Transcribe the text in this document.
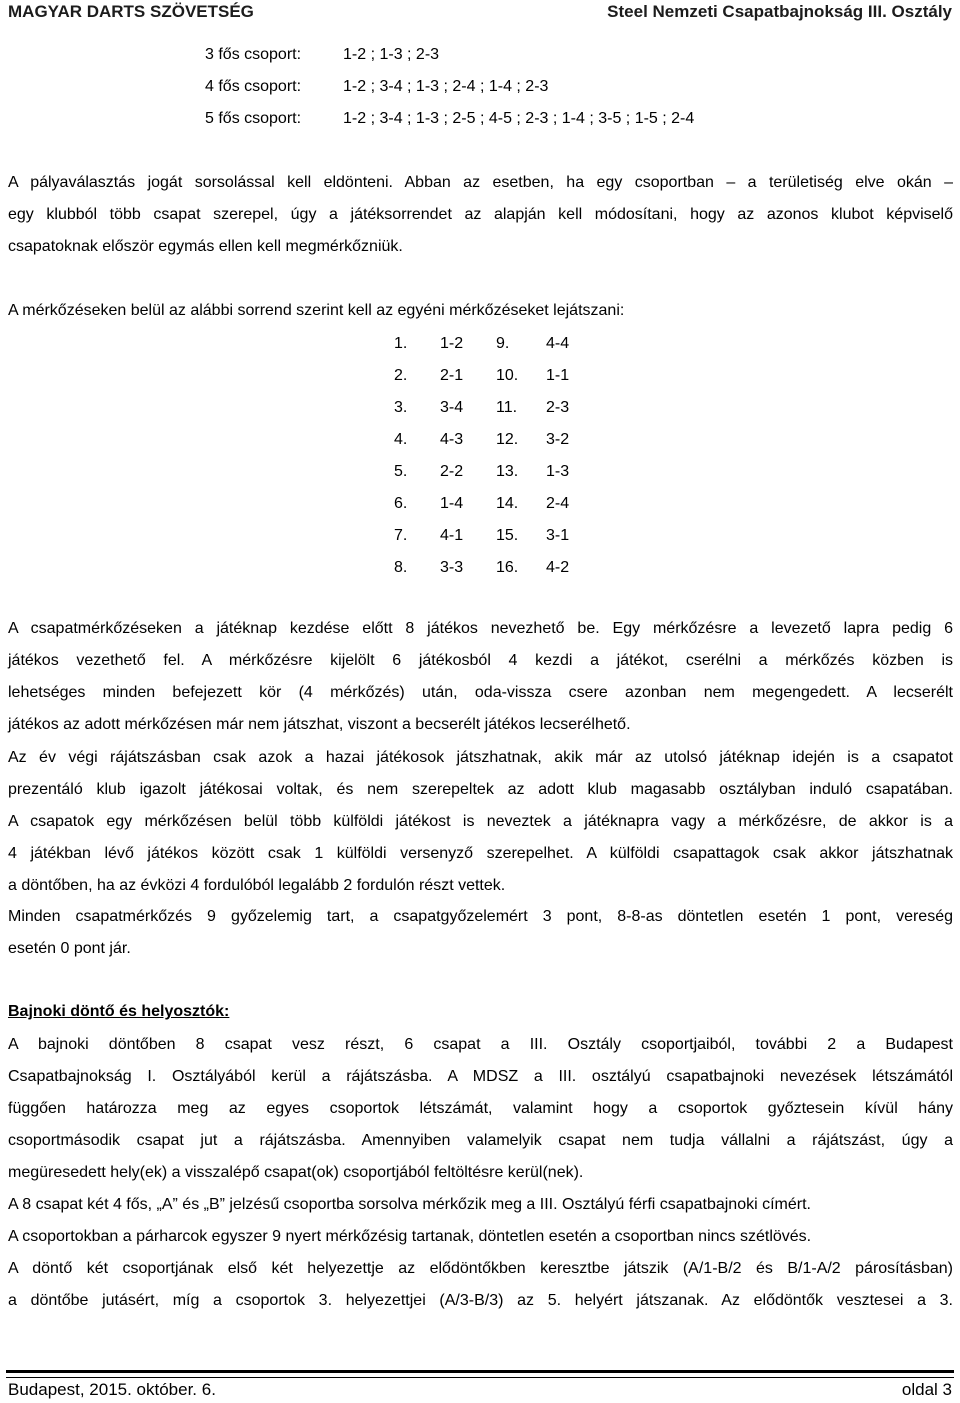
MAGYAR DARTS SZÖVETSÉG	Steel Nemzeti Csapatbajnokság III. Osztály
3 fős csoport:	1-2 ; 1-3 ; 2-3
4 fős csoport:	1-2 ; 3-4 ; 1-3 ; 2-4 ; 1-4 ; 2-3
5 fős csoport:	1-2 ; 3-4 ; 1-3 ; 2-5 ; 4-5 ; 2-3 ; 1-4 ; 3-5 ; 1-5 ; 2-4
A pályaválasztás jogát sorsolással kell eldönteni. Abban az esetben, ha egy csoportban – a területiség elve okán –
egy klubból több csapat szerepel, úgy a játéksorrendet az alapján kell módosítani, hogy az azonos klubot képviselő
csapatoknak először egymás ellen kell megmérkőzniük.
A mérkőzéseken belül az alábbi sorrend szerint kell az egyéni mérkőzéseket lejátszani:
1. 1-2 9. 4-4
2. 2-1 10. 1-1
3. 3-4 11. 2-3
4. 4-3 12. 3-2
5. 2-2 13. 1-3
6. 1-4 14. 2-4
7. 4-1 15. 3-1
8. 3-3 16. 4-2
A csapatmérkőzéseken a játéknap kezdése előtt 8 játékos nevezhető be. Egy mérkőzésre a levezető lapra pedig 6
játékos vezethető fel. A mérkőzésre kijelölt 6 játékosból 4 kezdi a játékot, cserélni a mérkőzés közben is
lehetséges minden befejezett kör (4 mérkőzés) után, oda-vissza csere azonban nem megengedett. A lecserélt
játékos az adott mérkőzésen már nem játszhat, viszont a becserélt játékos lecserélhető.
Az év végi rájátszásban csak azok a hazai játékosok játszhatnak, akik már az utolsó játéknap idején is a csapatot
prezentáló klub igazolt játékosai voltak, és nem szerepeltek az adott klub magasabb osztályban induló csapatában.
A csapatok egy mérkőzésen belül több külföldi játékost is neveztek a játéknapra vagy a mérkőzésre, de akkor is a
4 játékban lévő játékos között csak 1 külföldi versenyző szerepelhet. A külföldi csapattagok csak akkor játszhatnak
a döntőben, ha az évközi 4 fordulóból legalább 2 fordulón részt vettek.
Minden csapatmérkőzés 9 győzelemig tart, a csapatgyőzelemért 3 pont, 8-8-as döntetlen esetén 1 pont, vereség
esetén 0 pont jár.
Bajnoki döntő és helyosztók:
A bajnoki döntőben 8 csapat vesz részt, 6 csapat a III. Osztály csoportjaiból, további 2 a Budapest
Csapatbajnokság I. Osztályából kerül a rájátszásba. A MDSZ a III. osztályú csapatbajnoki nevezések létszámától
függően határozza meg az egyes csoportok létszámát, valamint hogy a csoportok győztesein kívül hány
csoportmásodik csapat jut a rájátszásba. Amennyiben valamelyik csapat nem tudja vállalni a rájátszást, úgy a
megüresedett hely(ek) a visszalépő csapat(ok) csoportjából feltöltésre kerül(nek).
A 8 csapat két 4 fős, „A” és „B” jelzésű csoportba sorsolva mérkőzik meg a III. Osztályú férfi csapatbajnoki címért.
A csoportokban a párharcok egyszer 9 nyert mérkőzésig tartanak, döntetlen esetén a csoportban nincs szétlövés.
A döntő két csoportjának első két helyezettje az elődöntőkben keresztbe játszik (A/1-B/2 és B/1-A/2 párosításban)
a döntőbe jutásért, míg a csoportok 3. helyezettjei (A/3-B/3) az 5. helyért játszanak. Az elődöntők vesztesei a 3.
Budapest, 2015. október. 6.	oldal 3
